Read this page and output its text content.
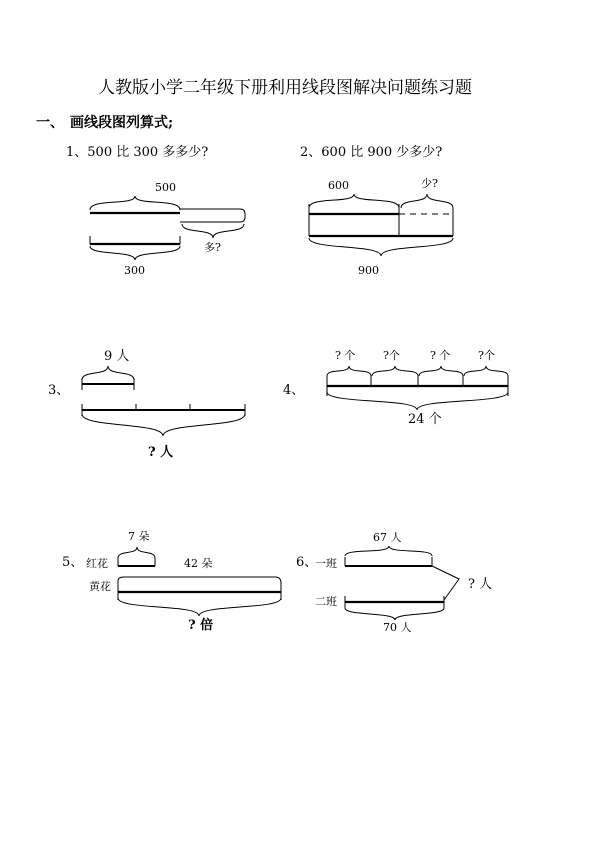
人教版小学二年级下册利用线段图解决问题练习题
一、 画线段图列算式;
1、500 比 300 多多少?	2、600 比 900 少多少?
3、	4、
5、	6、
500
多?
300
600	少?
900
9 人
? 人
? 个	?个	? 个	?个
24 个
7 朵
红花	42 朵
黄花
? 倍
67 人
一班
? 人
二班
70 人
